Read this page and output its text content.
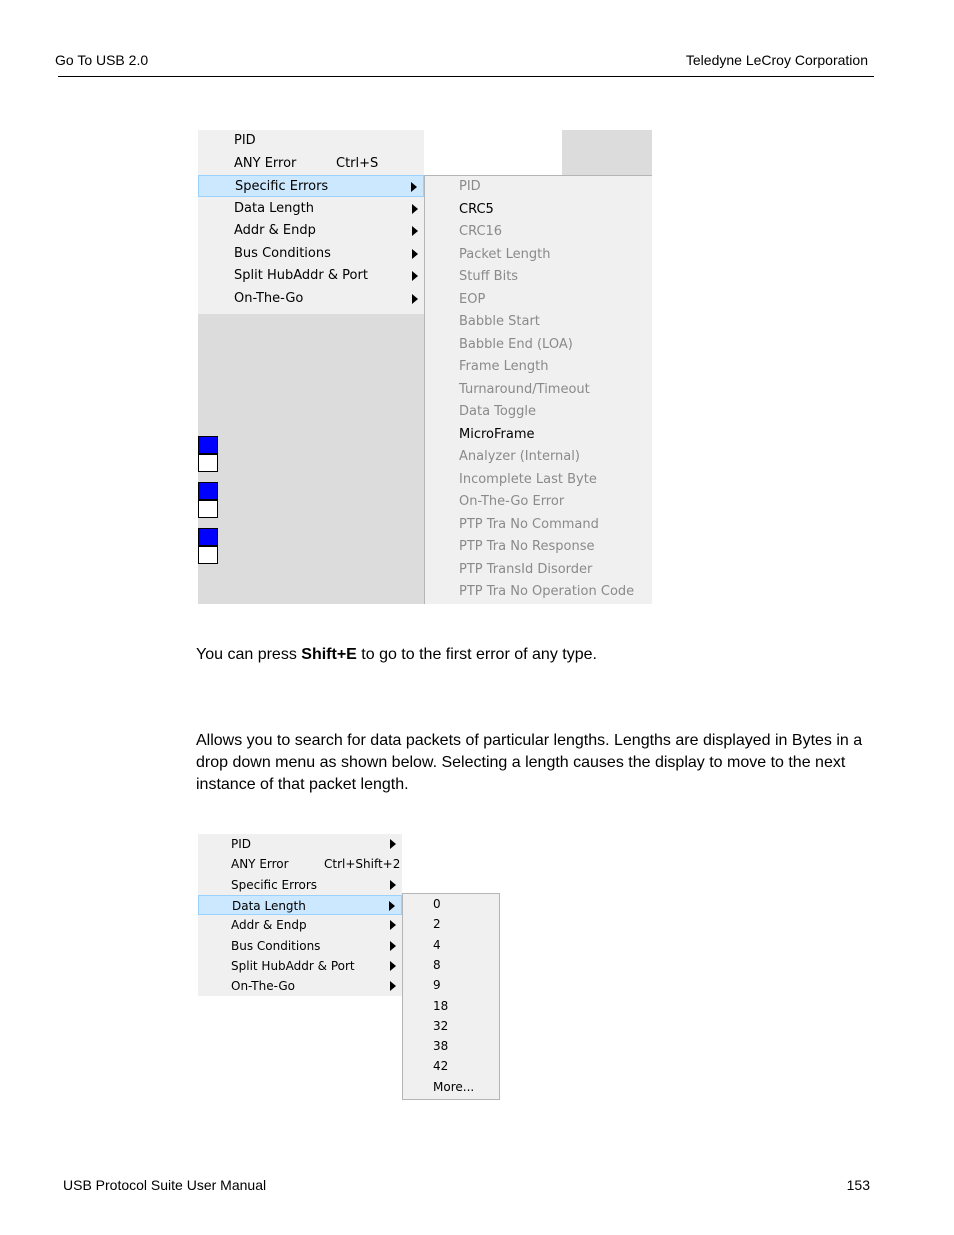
Go To USB 2.0	Teledyne LeCroy Corporation
PID
ANY Error	Ctrl+S
Specific Errors
Data Length
Addr & Endp
Bus Conditions
Split HubAddr & Port
On-The-Go
PID
CRC5
CRC16
Packet Length
Stuff Bits
EOP
Babble Start
Babble End (LOA)
Frame Length
Turnaround/Timeout
Data Toggle
MicroFrame
Analyzer (Internal)
Incomplete Last Byte
On-The-Go Error
PTP Tra No Command
PTP Tra No Response
PTP TransId Disorder
PTP Tra No Operation Code
You can press Shift+E to go to the first error of any type.
Allows you to search for data packets of particular lengths. Lengths are displayed in Bytes in a drop down menu as shown below. Selecting a length causes the display to move to the next instance of that packet length.
PID
ANY Error	Ctrl+Shift+2
Specific Errors
Data Length
Addr & Endp
Bus Conditions
Split HubAddr & Port
On-The-Go
0
2
4
8
9
18
32
38
42
More...
USB Protocol Suite User Manual	153
